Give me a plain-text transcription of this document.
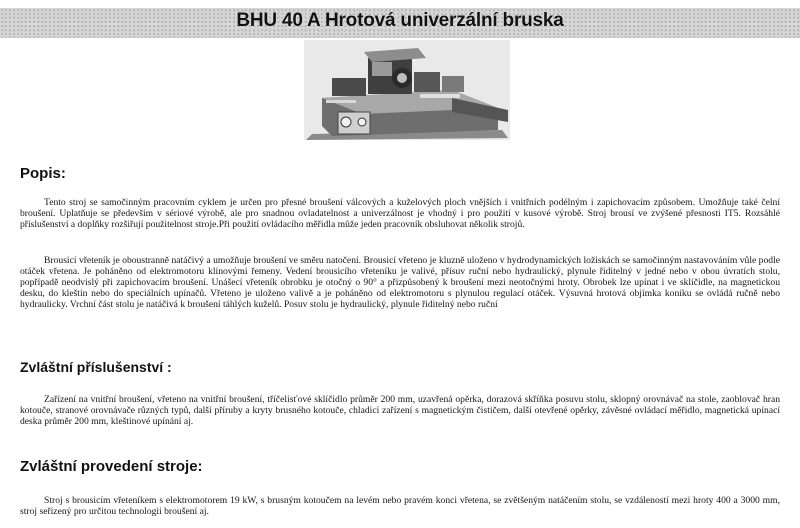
BHU 40 A Hrotová univerzální bruska
Popis:

Tento stroj se samočinným pracovním cyklem je určen pro přesné broušení válcových a kuželových ploch vnějších i vnitřních podélným i zapichovacím způsobem. Umožňuje také čelní broušení. Uplatňuje se především v sériové výrobě, ale pro snadnou ovladatelnost a univerzálnost je vhodný i pro použití v kusové výrobě. Stroj brousí ve zvýšené přesnosti IT5. Rozsáhlé příslušenství a doplňky rozšiřují použitelnost stroje.Při použití ovládacího měřidla může jeden pracovník obsluhovat několik strojů.

Brousicí vřeteník je oboustranně natáčivý a umožňuje broušení ve směru natočení. Brousicí vřeteno je kluzně uloženo v hydrodynamických ložiskách se samočinným nastavováním vůle podle otáček vřetena. Je poháněno od elektromotoru klínovými řemeny. Vedení brousicího vřeteníku je valivé, přísuv ruční nebo hydraulický, plynule řiditelný v jedné nebo v obou úvratích stolu, popřípadě neodvislý při zapichovacím broušení. Unášecí vřeteník obrobku je otočný o 90° a přizpůsobený k broušení mezi neotočnými hroty. Obrobek lze upínat i ve sklíčidle, na magnetickou desku, do kleštin nebo do speciálních upínačů. Vřeteno je uloženo valivě a je poháněno od elektromotoru s plynulou regulací otáček. Výsuvná hrotová objímka koníku se ovládá ručně nebo hydraulicky. Vrchní část stolu je natáčivá k broušení táhlých kuželů. Posuv stolu je hydraulický, plynule řiditelný nebo ruční

Zvláštní příslušenství :

Zařízení na vnitřní broušení, vřeteno na vnitřní broušení, tříčelisťové sklíčidlo průměr 200 mm, uzavřená opěrka, dorazová skříňka posuvu stolu, sklopný orovnávač na stole, zaoblovač hran kotouče, stranové orovnávače různých typů, další příruby a kryty brusného kotouče, chladicí zařízení s magnetickým čističem, další otevřené opěrky, závěsné ovládací měřidlo, magnetická upínací deska průměr 200 mm, kleštinové upínání aj.

Zvláštní provedení stroje:

Stroj s brousicím vřeteníkem s elektromotorem 19 kW, s brusným kotoučem na levém nebo pravém konci vřetena, se zvětšeným natáčením stolu, se vzdáleností mezi hroty 400 a 3000 mm, stroj seřízený pro určitou technologii broušení aj.
